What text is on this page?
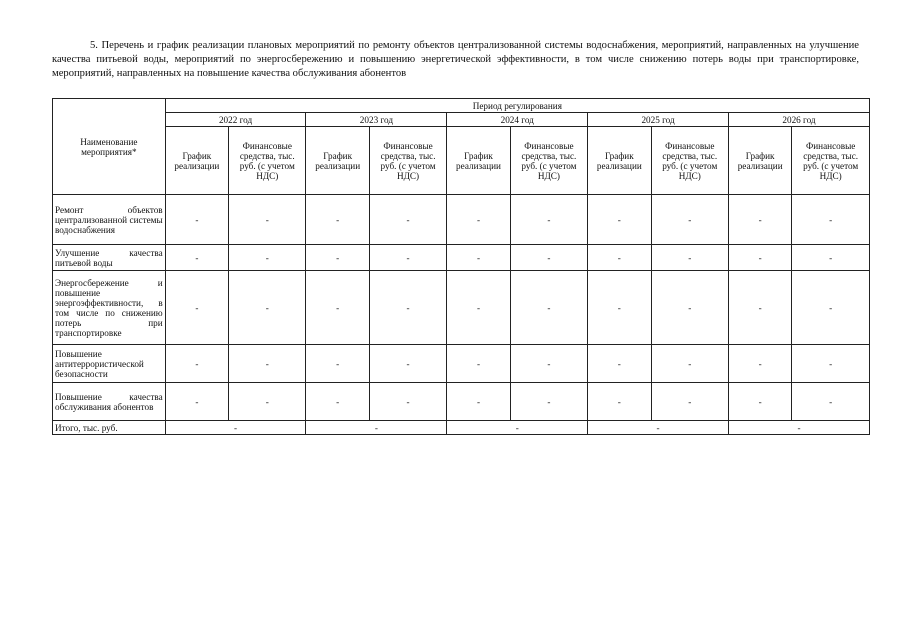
5. Перечень и график реализации плановых мероприятий по ремонту объектов централизованной системы водоснабжения, мероприятий, направленных на улучшение качества питьевой воды, мероприятий по энергосбережению и повышению энергетической эффективности, в том числе снижению потерь воды при транспортировке, мероприятий, направленных на повышение качества обслуживания абонентов

Наименование мероприятия*	Период регулирования									
	2022 год		2023 год		2024 год		2025 год		2026 год	
	График реализации	Финансовые средства, тыс. руб. (с учетом НДС)	График реализации	Финансовые средства, тыс. руб. (с учетом НДС)	График реализации	Финансовые средства, тыс. руб. (с учетом НДС)	График реализации	Финансовые средства, тыс. руб. (с учетом НДС)	График реализации	Финансовые средства, тыс. руб. (с учетом НДС)
Ремонт объектов централизованной системы водоснабжения	-	-	-	-	-	-	-	-	-	-
Улучшение качества питьевой воды	-	-	-	-	-	-	-	-	-	-
Энергосбережение и повышение энергоэффективности, в том числе по снижению потерь при транспортировке	-	-	-	-	-	-	-	-	-	-
Повышение антитеррористической безопасности	-	-	-	-	-	-	-	-	-	-
Повышение качества обслуживания абонентов	-	-	-	-	-	-	-	-	-	-
Итого, тыс. руб.	-		-		-		-		-	
